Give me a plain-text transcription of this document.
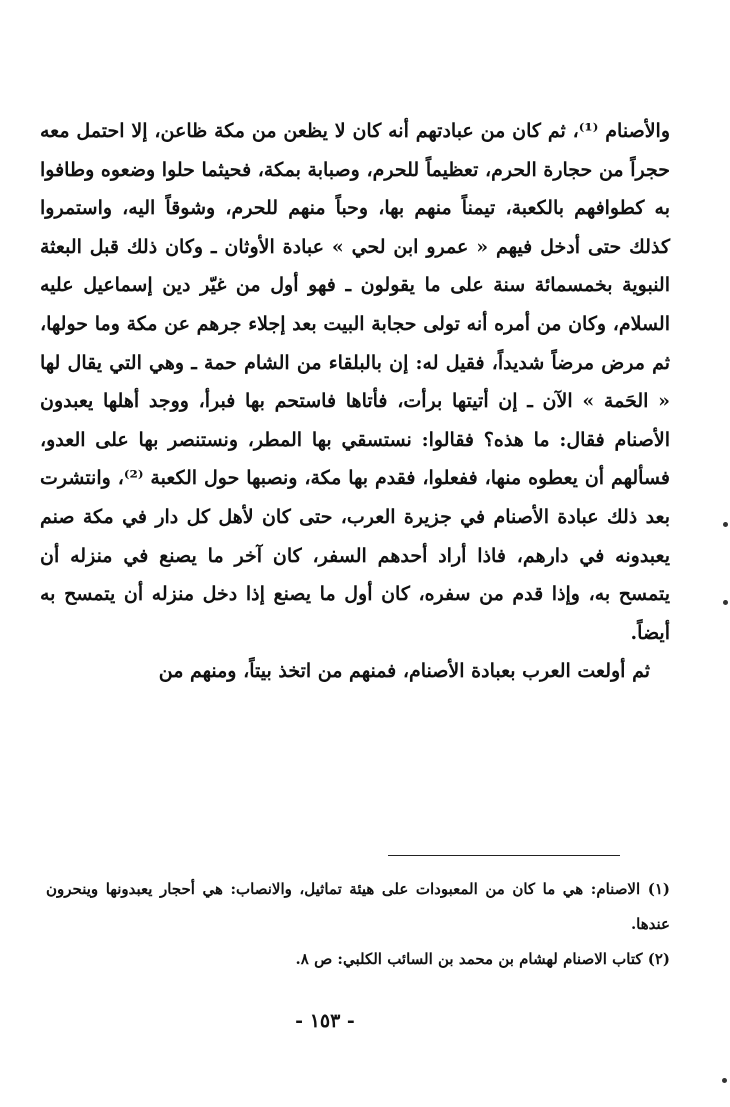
والأصنام ⁽¹⁾، ثم كان من عبادتهم أنه كان لا يظعن من مكة ظاعن، إلا احتمل معه حجراً من حجارة الحرم، تعظيماً للحرم، وصبابة بمكة، فحيثما حلوا وضعوه وطافوا به كطوافهم بالكعبة، تيمناً منهم بها، وحباً منهم للحرم، وشوقاً اليه، واستمروا كذلك حتى أدخل فيهم « عمرو ابن لحي » عبادة الأوثان ـ وكان ذلك قبل البعثة النبوية بخمسمائة سنة على ما يقولون ـ فهو أول من غيّر دين إسماعيل عليه السلام، وكان من أمره أنه تولى حجابة البيت بعد إجلاء جرهم عن مكة وما حولها، ثم مرض مرضاً شديداً، فقيل له: إن بالبلقاء من الشام حمة ـ وهي التي يقال لها « الحَمة » الآن ـ إن أتيتها برأت، فأتاها فاستحم بها فبرأ، ووجد أهلها يعبدون الأصنام فقال: ما هذه؟ فقالوا: نستسقي بها المطر، ونستنصر بها على العدو، فسألهم أن يعطوه منها، ففعلوا، فقدم بها مكة، ونصبها حول الكعبة ⁽²⁾، وانتشرت بعد ذلك عبادة الأصنام في جزيرة العرب، حتى كان لأهل كل دار في مكة صنم يعبدونه في دارهم، فاذا أراد أحدهم السفر، كان آخر ما يصنع في منزله أن يتمسح به، وإذا قدم من سفره، كان أول ما يصنع إذا دخل منزله أن يتمسح به أيضاً.

ثم أولعت العرب بعبادة الأصنام، فمنهم من اتخذ بيتاً، ومنهم من

(١) الاصنام: هي ما كان من المعبودات على هيئة تماثيل، والانصاب: هي أحجار يعبدونها وينحرون عندها.

(٢) كتاب الاصنام لهشام بن محمد بن السائب الكلبي: ص ٨.

- ١٥٣ -
